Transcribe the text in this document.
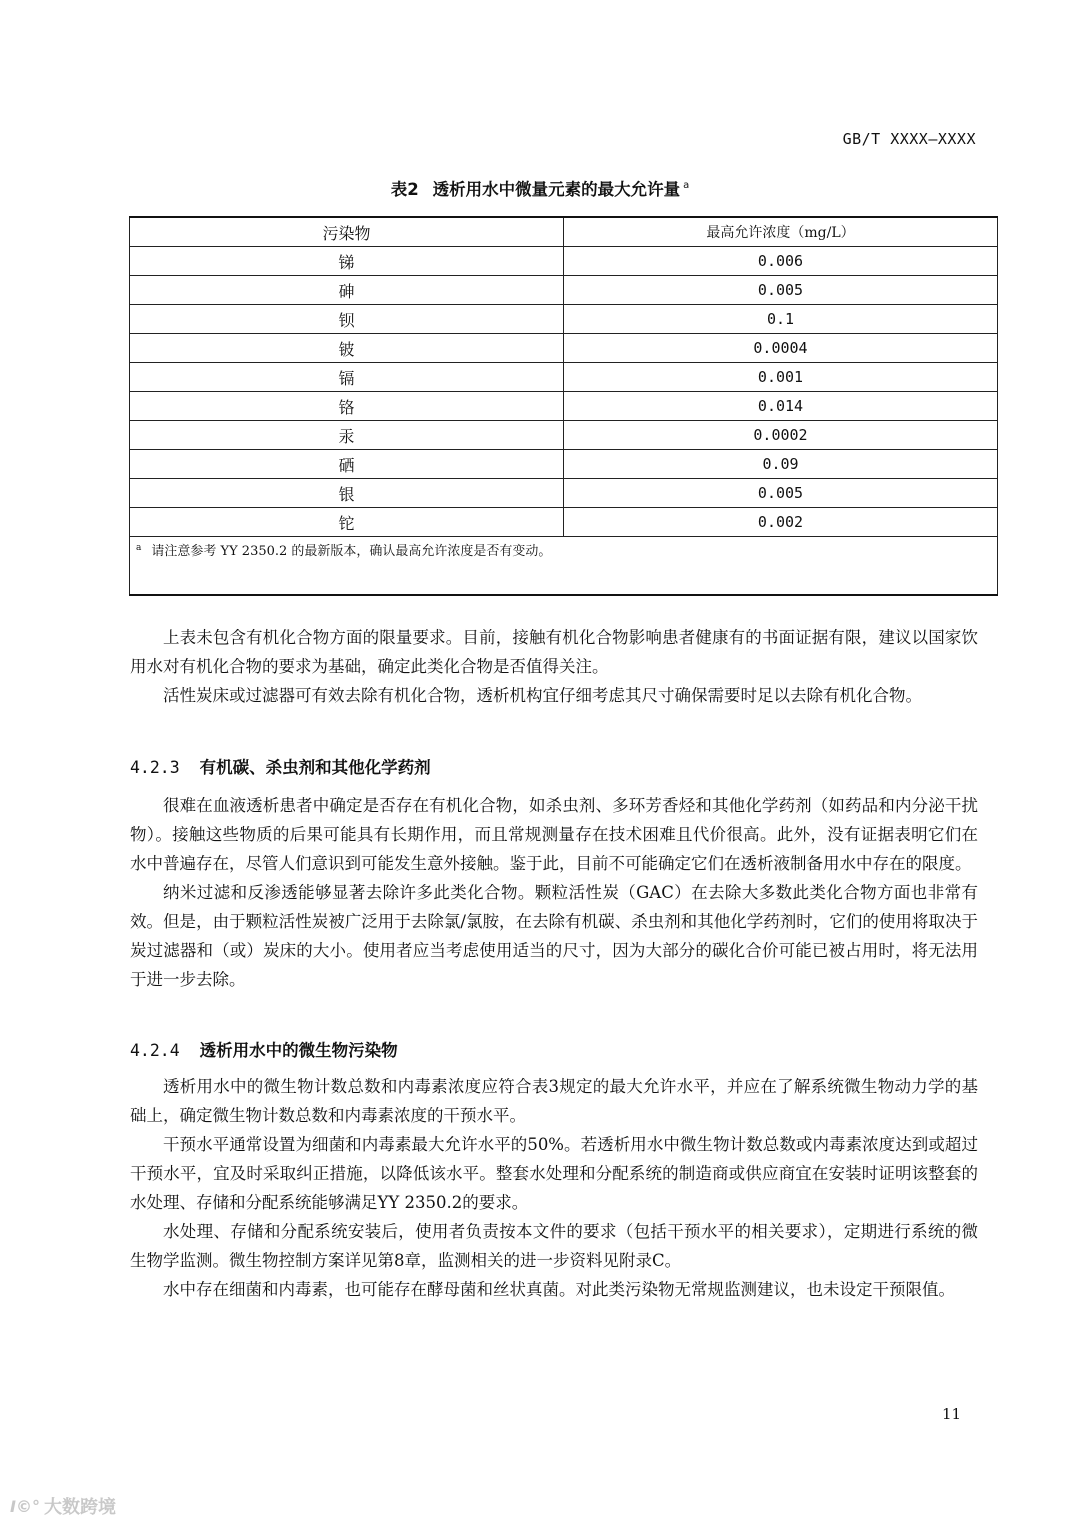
GB/T XXXX—XXXX
表2 透析用水中微量元素的最大允许量 $^a$
污染物	最高允许浓度（mg/L）
锑	0.006
砷	0.005
钡	0.1
铍	0.0004
镉	0.001
铬	0.014
汞	0.0002
硒	0.09
银	0.005
铊	0.002
$^a$ 请注意参考 YY 2350.2 的最新版本，确认最高允许浓度是否有变动。	

上表未包含有机化合物方面的限量要求。目前，接触有机化合物影响患者健康有的书面证据有限，建议以国家饮用水对有机化合物的要求为基础，确定此类化合物是否值得关注。

活性炭床或过滤器可有效去除有机化合物，透析机构宜仔细考虑其尺寸确保需要时足以去除有机化合物。

4.2.3 有机碳、杀虫剂和其他化学药剂

很难在血液透析患者中确定是否存在有机化合物，如杀虫剂、多环芳香烃和其他化学药剂（如药品和内分泌干扰物）。接触这些物质的后果可能具有长期作用，而且常规测量存在技术困难且代价很高。此外，没有证据表明它们在水中普遍存在，尽管人们意识到可能发生意外接触。鉴于此，目前不可能确定它们在透析液制备用水中存在的限度。

纳米过滤和反渗透能够显著去除许多此类化合物。颗粒活性炭（GAC）在去除大多数此类化合物方面也非常有效。但是，由于颗粒活性炭被广泛用于去除氯/氯胺，在去除有机碳、杀虫剂和其他化学药剂时，它们的使用将取决于炭过滤器和（或）炭床的大小。使用者应当考虑使用适当的尺寸，因为大部分的碳化合价可能已被占用时，将无法用于进一步去除。

4.2.4 透析用水中的微生物污染物

透析用水中的微生物计数总数和内毒素浓度应符合表3规定的最大允许水平，并应在了解系统微生物动力学的基础上，确定微生物计数总数和内毒素浓度的干预水平。

干预水平通常设置为细菌和内毒素最大允许水平的50%。若透析用水中微生物计数总数或内毒素浓度达到或超过干预水平，宜及时采取纠正措施，以降低该水平。整套水处理和分配系统的制造商或供应商宜在安装时证明该整套的水处理、存储和分配系统能够满足YY 2350.2的要求。

水处理、存储和分配系统安装后，使用者负责按本文件的要求（包括干预水平的相关要求），定期进行系统的微生物学监测。微生物控制方案详见第8章，监测相关的进一步资料见附录C。

水中存在细菌和内毒素，也可能存在酵母菌和丝状真菌。对此类污染物无常规监测建议，也未设定干预限值。

11
I©° 大数跨境
